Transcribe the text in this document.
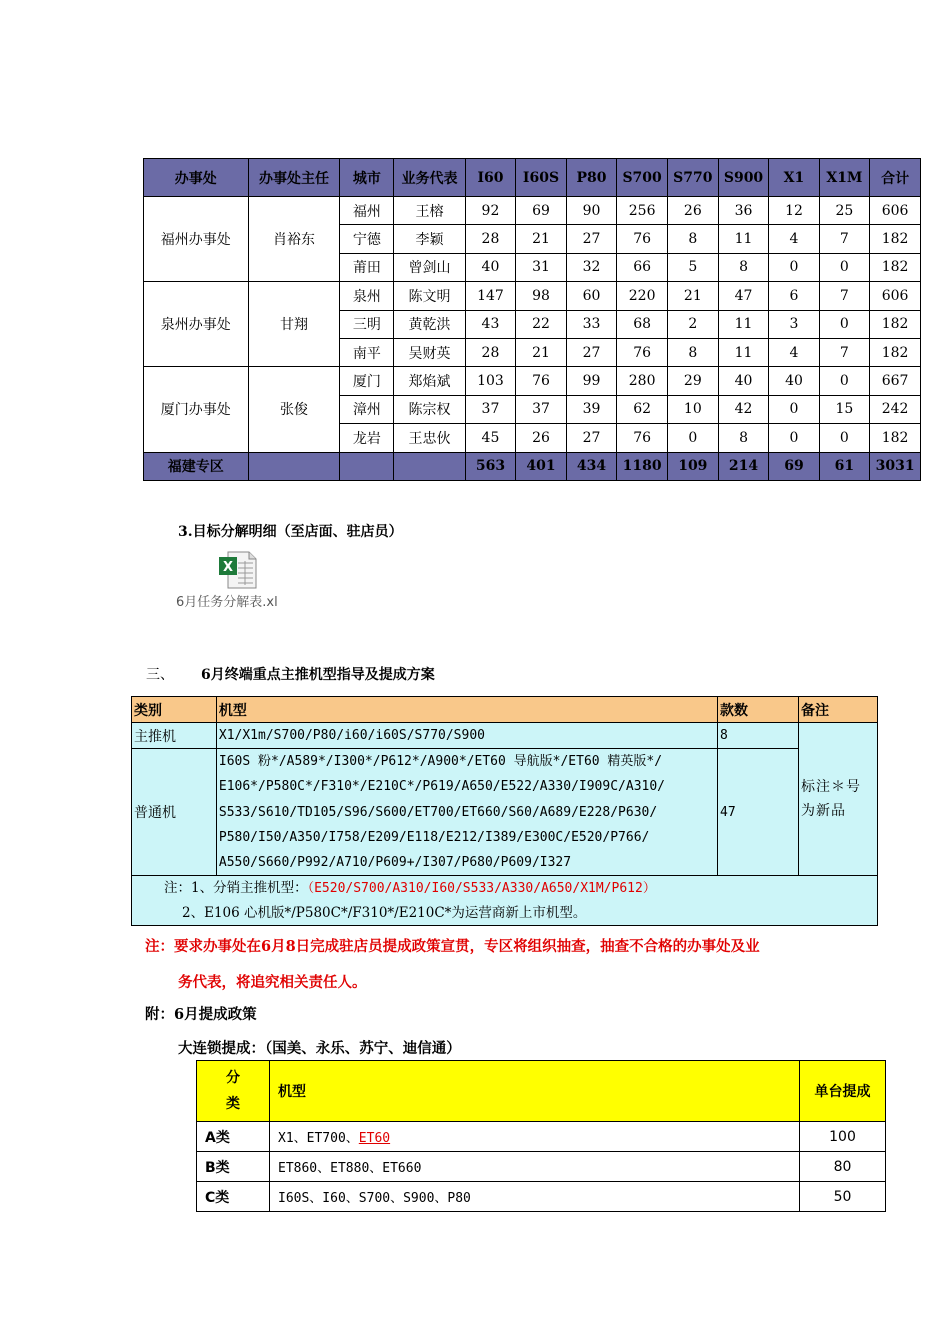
办事处	办事处主任	城市	业务代表	I60	I60S	P80	S700	S770	S900	X1	X1M	合计
福州办事处	肖裕东	福州	王榕	92	69	90	256	26	36	12	25	606
		宁德	李颖	28	21	27	76	8	11	4	7	182
		莆田	曾剑山	40	31	32	66	5	8	0	0	182
泉州办事处	甘翔	泉州	陈文明	147	98	60	220	21	47	6	7	606
		三明	黄乾洪	43	22	33	68	2	11	3	0	182
		南平	吴财英	28	21	27	76	8	11	4	7	182
厦门办事处	张俊	厦门	郑焰斌	103	76	99	280	29	40	40	0	667
		漳州	陈宗权	37	37	39	62	10	42	0	15	242
		龙岩	王忠伙	45	26	27	76	0	8	0	0	182
福建专区				563	401	434	1180	109	214	69	61	3031
3.目标分解明细（至店面、驻店员）
X
6月任务分解表.xl
三、 6月终端重点主推机型指导及提成方案
类别	机型	款数	备注
主推机	X1/X1m/S700/P80/i60/i60S/S770/S900	8	标注＊号为新品

普通机	I60S 粉*/A589*/I300*/P612*/A900*/ET60 导航版*/ET60 精英版*/
E106*/P580C*/F310*/E210C*/P619/A650/E522/A330/I909C/A310/
S533/S610/TD105/S96/S600/ET700/ET660/S60/A689/E228/P630/
P580/I50/A350/I758/E209/E118/E212/I389/E300C/E520/P766/
A550/S660/P992/A710/P609+/I307/P680/P609/I327	47	

注：1、分销主推机型：（E520/S700/A310/I60/S533/A330/A650/X1M/P612）
2、E106 心机版*/P580C*/F310*/E210C*为运营商新上市机型。			
注：要求办事处在6月8日完成驻店员提成政策宣贯，专区将组织抽查，抽查不合格的办事处及业
务代表，将追究相关责任人。
附：6月提成政策
大连锁提成：（国美、永乐、苏宁、迪信通）
分
类	机型	单台提成
A类	X1、ET700、ET60	100
B类	ET860、ET880、ET660	80
C类	I60S、I60、S700、S900、P80	50
